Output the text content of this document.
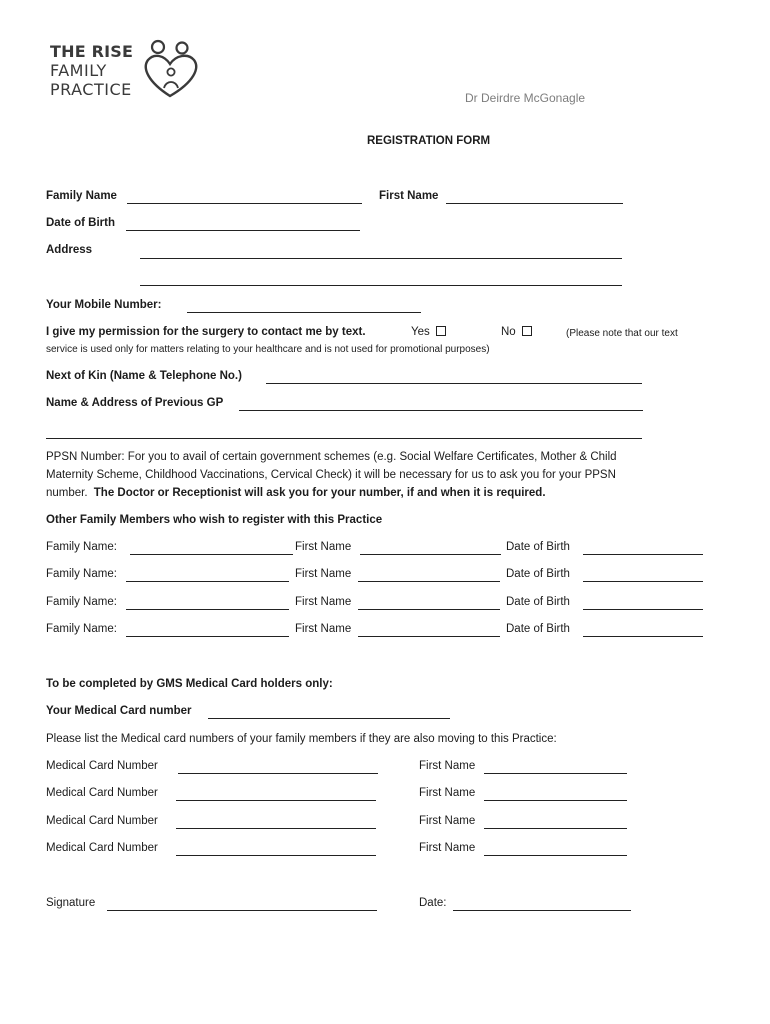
THE RISE
FAMILY
PRACTICE	Dr Deirdre McGonagle
REGISTRATION FORM
Family Name	First Name
Date of Birth
Address
Your Mobile Number:
I give my permission for the surgery to contact me by text.	Yes	No	(Please note that our text
service is used only for matters relating to your healthcare and is not used for promotional purposes)
Next of Kin (Name & Telephone No.)
Name & Address of Previous GP
PPSN Number: For you to avail of certain government schemes (e.g. Social Welfare Certificates, Mother & Child
Maternity Scheme, Childhood Vaccinations, Cervical Check) it will be necessary for us to ask you for your PPSN
number. The Doctor or Receptionist will ask you for your number, if and when it is required.
Other Family Members who wish to register with this Practice
Family Name:	First Name	Date of Birth
Family Name:	First Name	Date of Birth
Family Name:	First Name	Date of Birth
Family Name:	First Name	Date of Birth
To be completed by GMS Medical Card holders only:
Your Medical Card number
Please list the Medical card numbers of your family members if they are also moving to this Practice:
Medical Card Number	First Name
Medical Card Number	First Name
Medical Card Number	First Name
Medical Card Number	First Name
Signature	Date:
